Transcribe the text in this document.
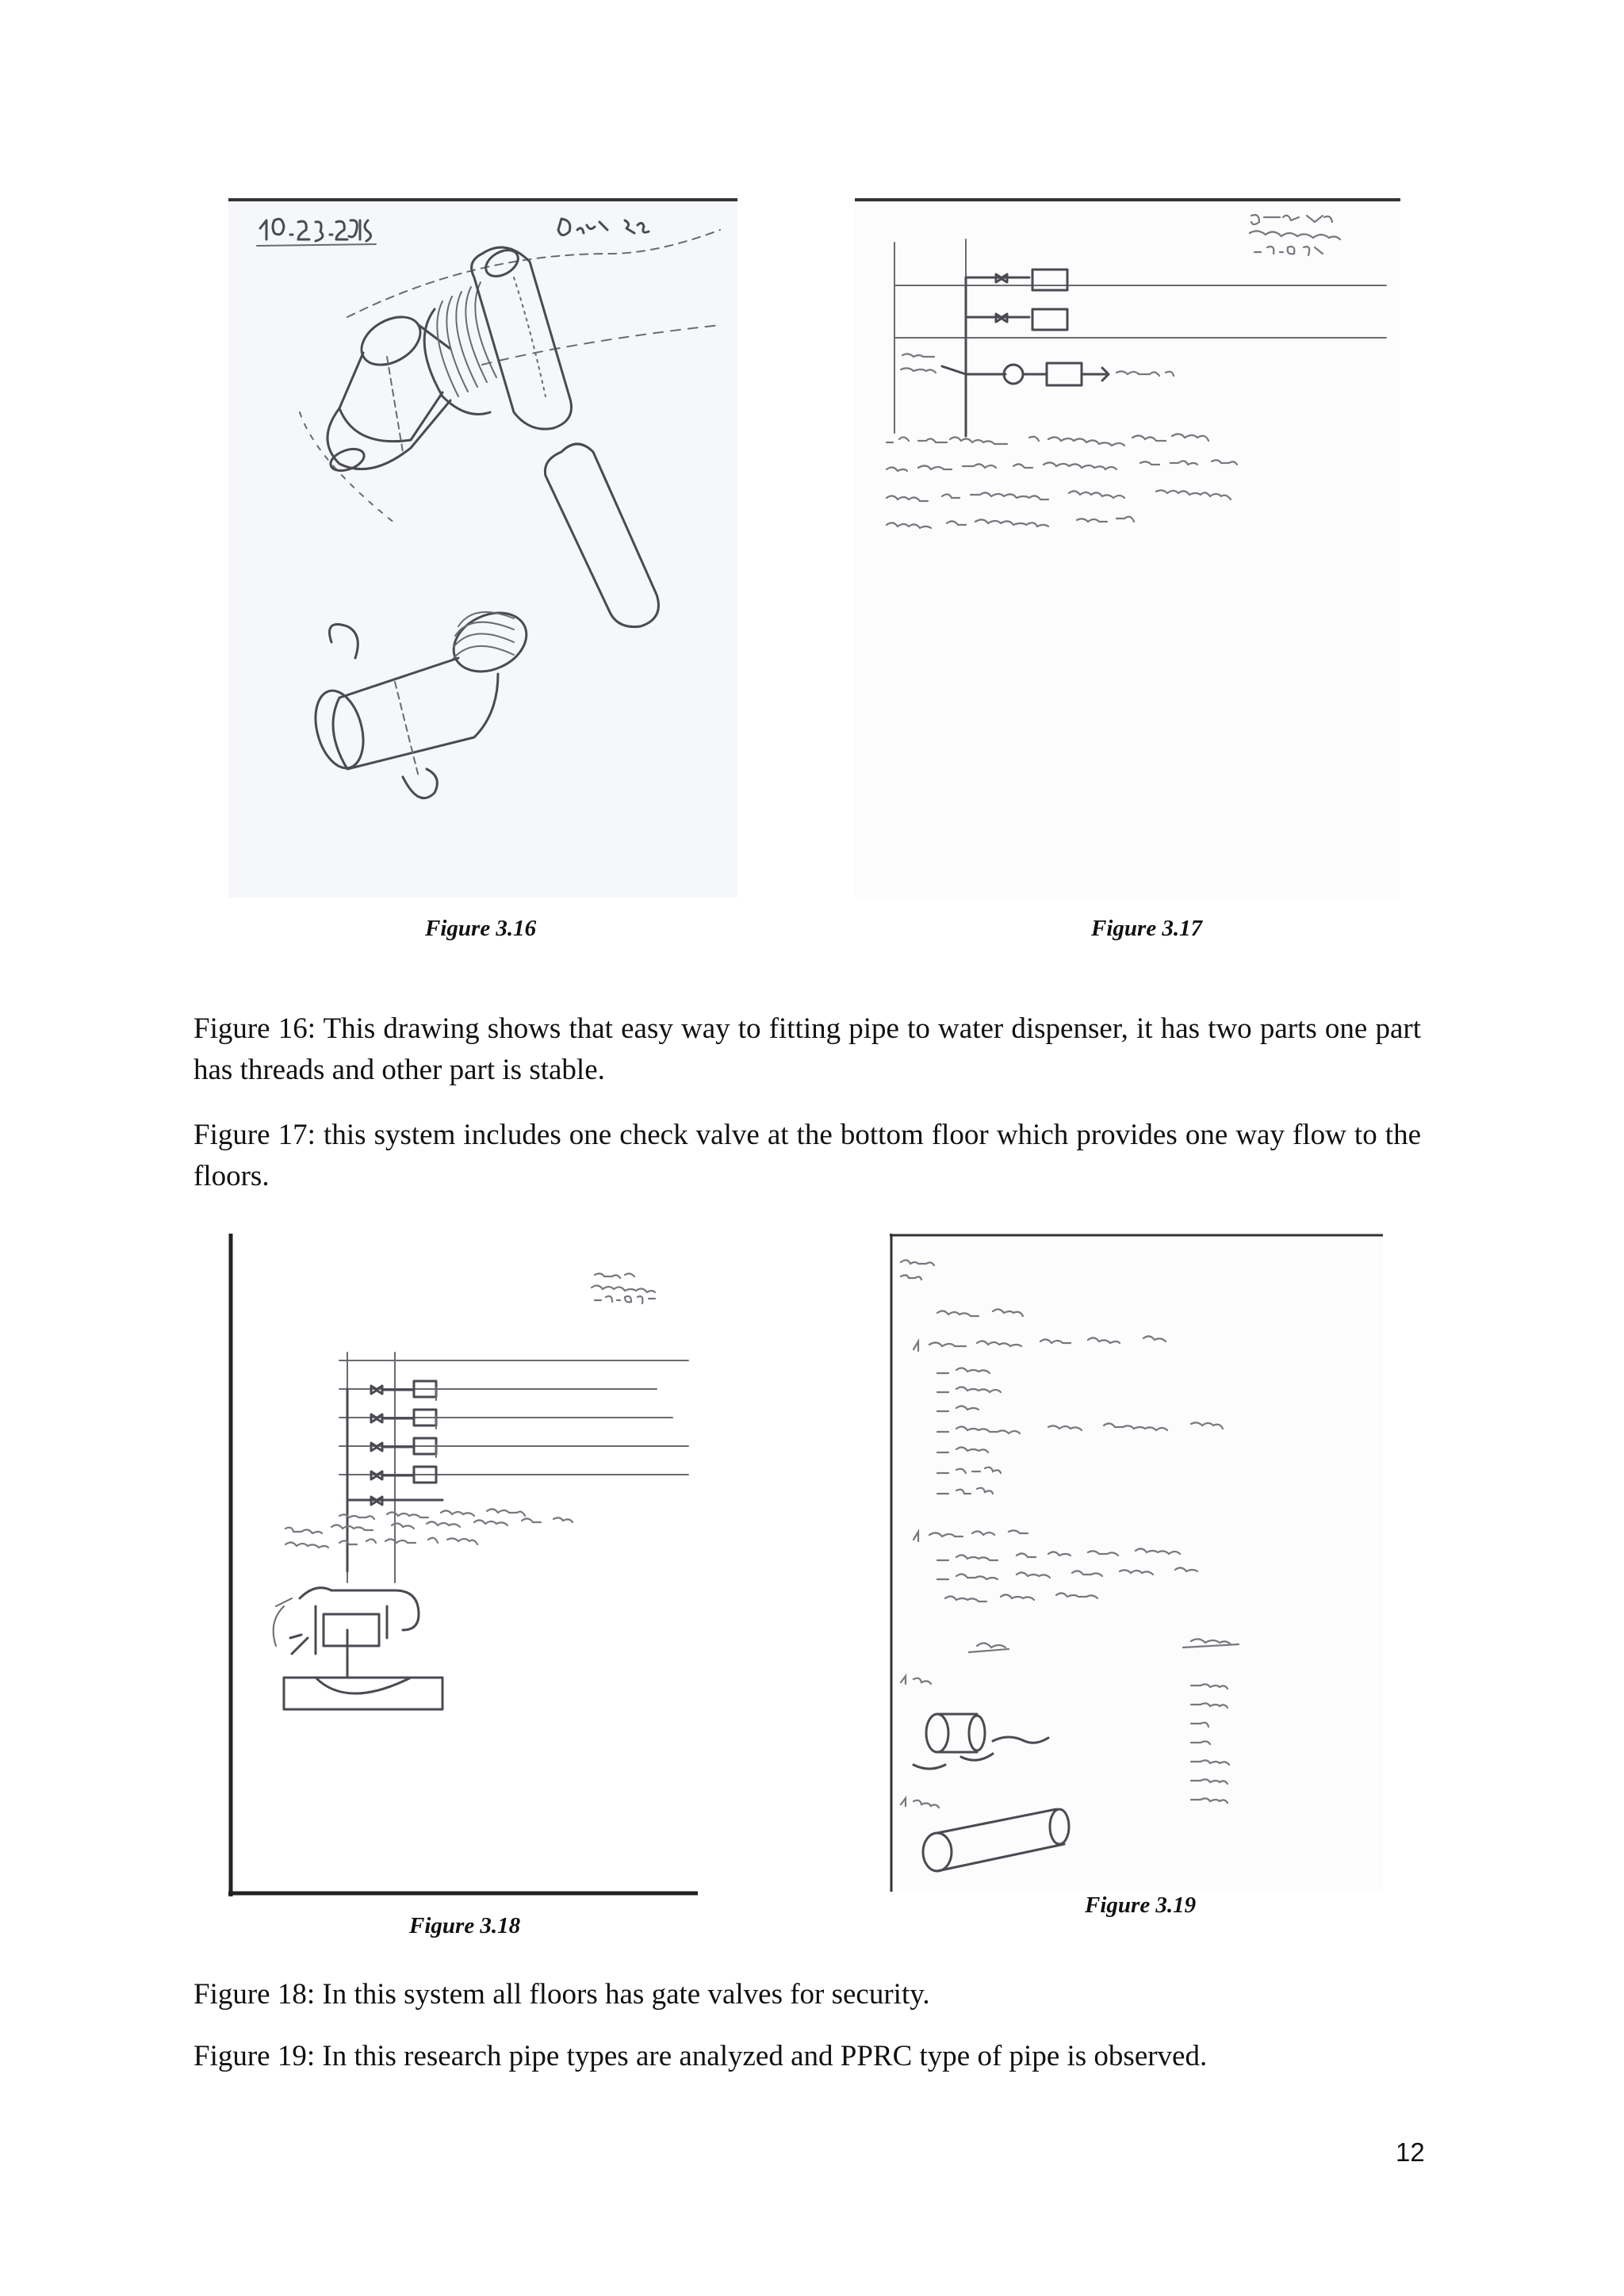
Figure 3.16	Figure 3.17

Figure 16: This drawing shows that easy way to fitting pipe to water dispenser, it has two parts one part has threads and other part is stable.

Figure 17: this system includes one check valve at the bottom floor which provides one way flow to the floors.

Figure 3.18
Figure 3.19

Figure 18: In this system all floors has gate valves for security.

Figure 19: In this research pipe types are analyzed and PPRC type of pipe is observed.

12
